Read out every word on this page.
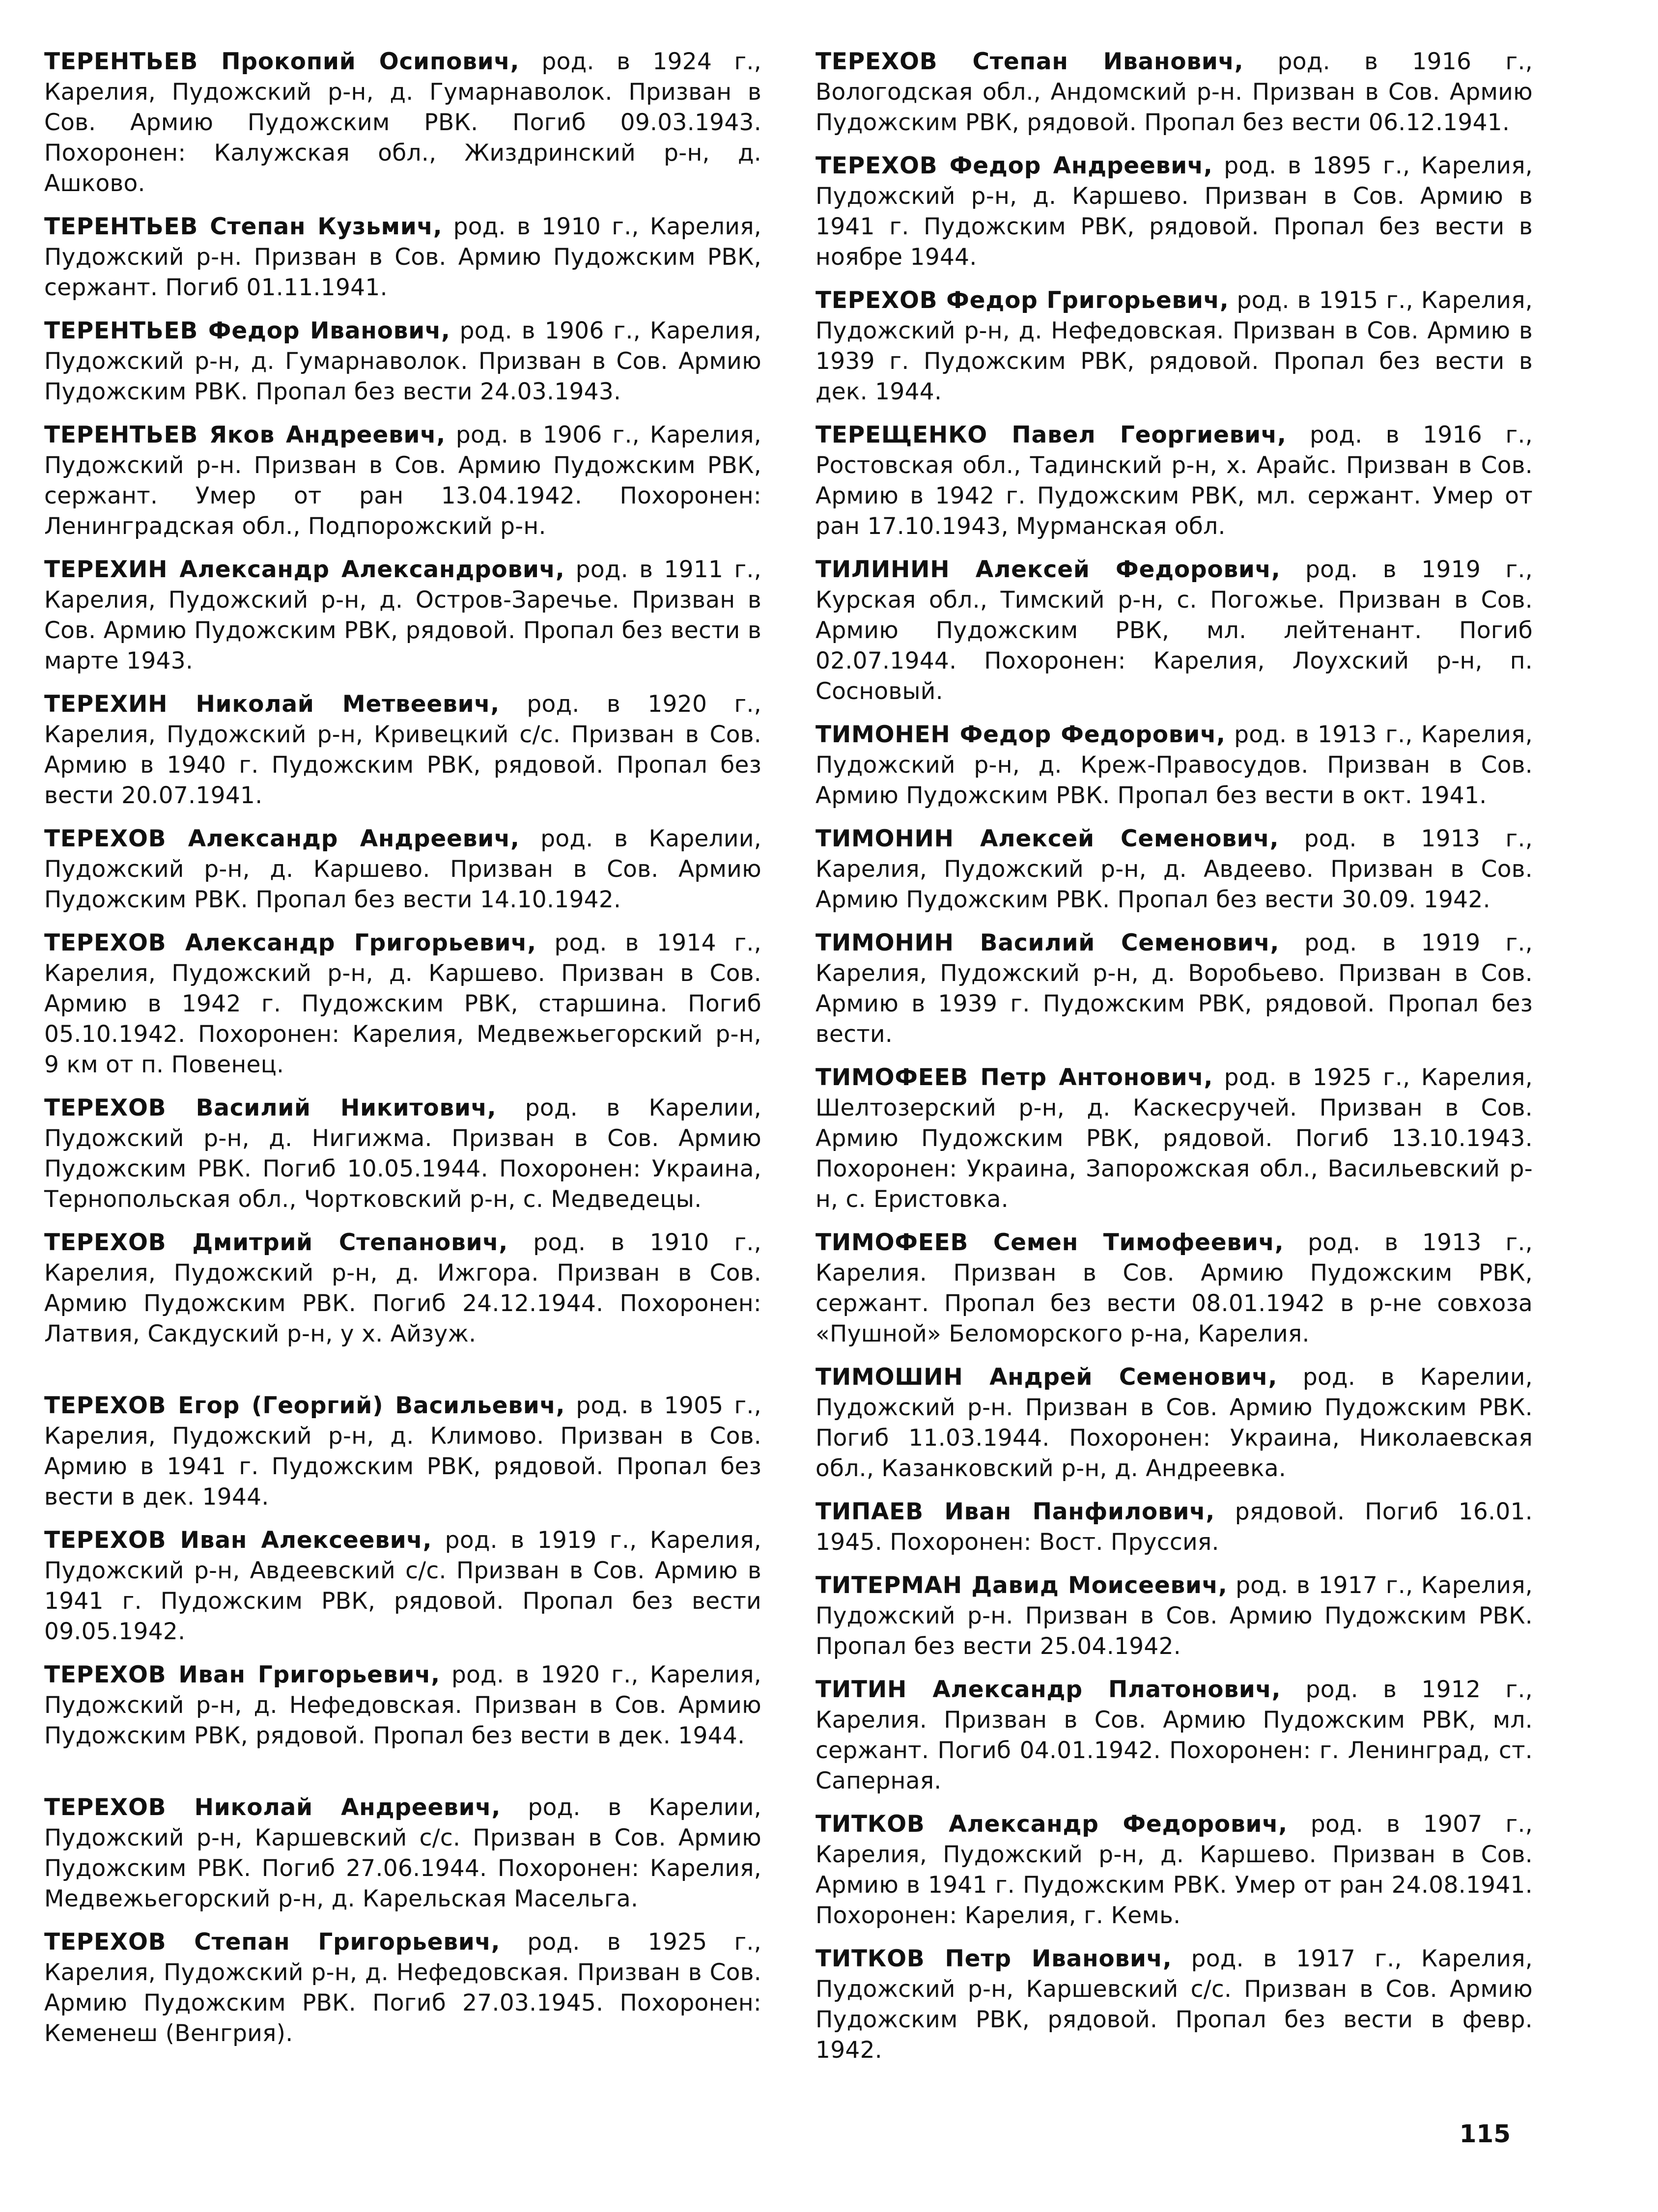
ТЕРЕНТЬЕВ Прокопий Осипович, род. в 1924 г., Карелия, Пудожский р-н, д. Гумарнаволок. Призван в Сов. Армию Пудожским РВК. Погиб 09.03.1943. Похоронен: Калужская обл., Жиздринский р-н, д. Ашково.

ТЕРЕНТЬЕВ Степан Кузьмич, род. в 1910 г., Карелия, Пудожский р-н. Призван в Сов. Армию Пудожским РВК, сержант. Погиб 01.11.1941.

ТЕРЕНТЬЕВ Федор Иванович, род. в 1906 г., Карелия, Пудожский р-н, д. Гумарнаволок. Призван в Сов. Армию Пудожским РВК. Пропал без вести 24.03.1943.

ТЕРЕНТЬЕВ Яков Андреевич, род. в 1906 г., Карелия, Пудожский р-н. Призван в Сов. Армию Пудожским РВК, сержант. Умер от ран 13.04.1942. Похоронен: Ленинградская обл., Подпорожский р-н.

ТЕРЕХИН Александр Александрович, род. в 1911 г., Карелия, Пудожский р-н, д. Остров-Заречье. Призван в Сов. Армию Пудожским РВК, рядовой. Пропал без вести в марте 1943.

ТЕРЕХИН Николай Метвеевич, род. в 1920 г., Карелия, Пудожский р-н, Кривецкий с/с. Призван в Сов. Армию в 1940 г. Пудожским РВК, рядовой. Пропал без вести 20.07.1941.

ТЕРЕХОВ Александр Андреевич, род. в Карелии, Пудожский р-н, д. Каршево. Призван в Сов. Армию Пудожским РВК. Пропал без вести 14.10.1942.

ТЕРЕХОВ Александр Григорьевич, род. в 1914 г., Карелия, Пудожский р-н, д. Каршево. Призван в Сов. Армию в 1942 г. Пудожским РВК, старшина. Погиб 05.10.1942. Похоронен: Карелия, Медвежьегорский р-н, 9 км от п. Повенец.

ТЕРЕХОВ Василий Никитович, род. в Карелии, Пудожский р-н, д. Нигижма. Призван в Сов. Армию Пудожским РВК. Погиб 10.05.1944. Похоронен: Украина, Тернопольская обл., Чортковский р-н, с. Медведецы.

ТЕРЕХОВ Дмитрий Степанович, род. в 1910 г., Карелия, Пудожский р-н, д. Ижгора. Призван в Сов. Армию Пудожским РВК. Погиб 24.12.1944. Похоронен: Латвия, Сакдуский р-н, у х. Айзуж.

ТЕРЕХОВ Егор (Георгий) Васильевич, род. в 1905 г., Карелия, Пудожский р-н, д. Климово. Призван в Сов. Армию в 1941 г. Пудожским РВК, рядовой. Пропал без вести в дек. 1944.

ТЕРЕХОВ Иван Алексеевич, род. в 1919 г., Карелия, Пудожский р-н, Авдеевский с/с. Призван в Сов. Армию в 1941 г. Пудожским РВК, рядовой. Пропал без вести 09.05.1942.

ТЕРЕХОВ Иван Григорьевич, род. в 1920 г., Карелия, Пудожский р-н, д. Нефедовская. Призван в Сов. Армию Пудожским РВК, рядовой. Пропал без вести в дек. 1944.

ТЕРЕХОВ Николай Андреевич, род. в Карелии, Пудожский р-н, Каршевский с/с. Призван в Сов. Армию Пудожским РВК. Погиб 27.06.1944. Похоронен: Карелия, Медвежьегорский р-н, д. Карельская Масельга.

ТЕРЕХОВ Степан Григорьевич, род. в 1925 г., Карелия, Пудожский р-н, д. Нефедовская. Призван в Сов. Армию Пудожским РВК. Погиб 27.03.1945. Похоронен: Кеменеш (Венгрия).

ТЕРЕХОВ Степан Иванович, род. в 1916 г., Вологодская обл., Андомский р-н. Призван в Сов. Армию Пудожским РВК, рядовой. Пропал без вести 06.12.1941.

ТЕРЕХОВ Федор Андреевич, род. в 1895 г., Карелия, Пудожский р-н, д. Каршево. Призван в Сов. Армию в 1941 г. Пудожским РВК, рядовой. Пропал без вести в ноябре 1944.

ТЕРЕХОВ Федор Григорьевич, род. в 1915 г., Карелия, Пудожский р-н, д. Нефедовская. Призван в Сов. Армию в 1939 г. Пудожским РВК, рядовой. Пропал без вести в дек. 1944.

ТЕРЕЩЕНКО Павел Георгиевич, род. в 1916 г., Ростовская обл., Тадинский р-н, х. Арайс. Призван в Сов. Армию в 1942 г. Пудожским РВК, мл. сержант. Умер от ран 17.10.1943, Мурманская обл.

ТИЛИНИН Алексей Федорович, род. в 1919 г., Курская обл., Тимский р-н, с. Погожье. Призван в Сов. Армию Пудожским РВК, мл. лейтенант. Погиб 02.07.1944. Похоронен: Карелия, Лоухский р-н, п. Сосновый.

ТИМОНЕН Федор Федорович, род. в 1913 г., Карелия, Пудожский р-н, д. Креж-Правосудов. Призван в Сов. Армию Пудожским РВК. Пропал без вести в окт. 1941.

ТИМОНИН Алексей Семенович, род. в 1913 г., Карелия, Пудожский р-н, д. Авдеево. Призван в Сов. Армию Пудожским РВК. Пропал без вести 30.09. 1942.

ТИМОНИН Василий Семенович, род. в 1919 г., Карелия, Пудожский р-н, д. Воробьево. Призван в Сов. Армию в 1939 г. Пудожским РВК, рядовой. Пропал без вести.

ТИМОФЕЕВ Петр Антонович, род. в 1925 г., Карелия, Шелтозерский р-н, д. Каскесручей. Призван в Сов. Армию Пудожским РВК, рядовой. Погиб 13.10.1943. Похоронен: Украина, Запорожская обл., Васильевский р-н, с. Еристовка.

ТИМОФЕЕВ Семен Тимофеевич, род. в 1913 г., Карелия. Призван в Сов. Армию Пудожским РВК, сержант. Пропал без вести 08.01.1942 в р-не совхоза «Пушной» Беломорского р-на, Карелия.

ТИМОШИН Андрей Семенович, род. в Карелии, Пудожский р-н. Призван в Сов. Армию Пудожским РВК. Погиб 11.03.1944. Похоронен: Украина, Николаевская обл., Казанковский р-н, д. Андреевка.

ТИПАЕВ Иван Панфилович, рядовой. Погиб 16.01. 1945. Похоронен: Вост. Пруссия.

ТИТЕРМАН Давид Моисеевич, род. в 1917 г., Карелия, Пудожский р-н. Призван в Сов. Армию Пудожским РВК. Пропал без вести 25.04.1942.

ТИТИН Александр Платонович, род. в 1912 г., Карелия. Призван в Сов. Армию Пудожским РВК, мл. сержант. Погиб 04.01.1942. Похоронен: г. Ленинград, ст. Саперная.

ТИТКОВ Александр Федорович, род. в 1907 г., Карелия, Пудожский р-н, д. Каршево. Призван в Сов. Армию в 1941 г. Пудожским РВК. Умер от ран 24.08.1941. Похоронен: Карелия, г. Кемь.

ТИТКОВ Петр Иванович, род. в 1917 г., Карелия, Пудожский р-н, Каршевский с/с. Призван в Сов. Армию Пудожским РВК, рядовой. Пропал без вести в февр. 1942.

115
